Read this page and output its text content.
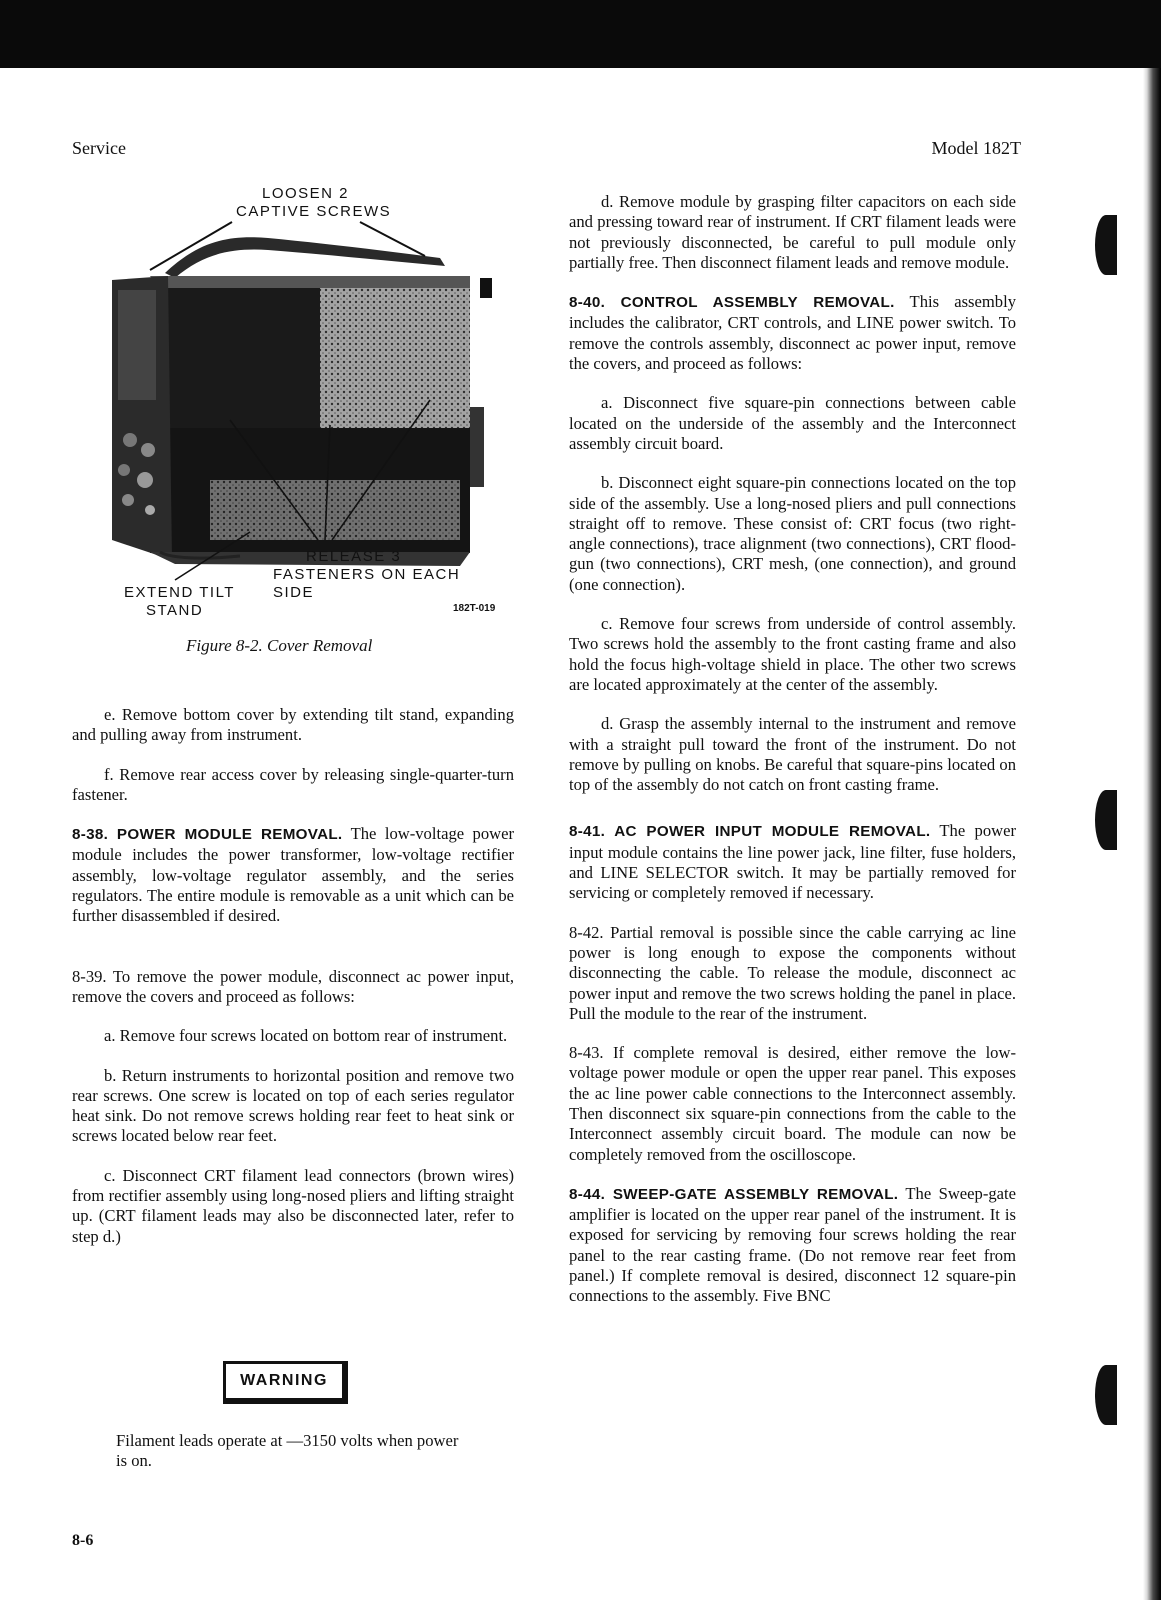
Service	Model 182T
LOOSEN 2
CAPTIVE SCREWS
RELEASE 3
FASTENERS ON EACH
SIDE
EXTEND TILT
STAND	182T-019
Figure 8-2. Cover Removal

e. Remove bottom cover by extending tilt stand, expanding and pulling away from instrument.

f. Remove rear access cover by releasing single-quarter-turn fastener.

8-38. POWER MODULE REMOVAL. The low-voltage power module includes the power transformer, low-voltage rectifier assembly, low-voltage regulator assembly, and the series regulators. The entire module is removable as a unit which can be further disassembled if desired.

8-39. To remove the power module, disconnect ac power input, remove the covers and proceed as follows:

a. Remove four screws located on bottom rear of instrument.

b. Return instruments to horizontal position and remove two rear screws. One screw is located on top of each series regulator heat sink. Do not remove screws holding rear feet to heat sink or screws located below rear feet.

c. Disconnect CRT filament lead connectors (brown wires) from rectifier assembly using long-nosed pliers and lifting straight up. (CRT filament leads may also be disconnected later, refer to step d.)

WARNING
Filament leads operate at —3150 volts when power is on.

d. Remove module by grasping filter capacitors on each side and pressing toward rear of instrument. If CRT filament leads were not previously disconnected, be careful to pull module only partially free. Then disconnect filament leads and remove module.

8-40. CONTROL ASSEMBLY REMOVAL. This assembly includes the calibrator, CRT controls, and LINE power switch. To remove the controls assembly, disconnect ac power input, remove the covers, and proceed as follows:

a. Disconnect five square-pin connections between cable located on the underside of the assembly and the Interconnect assembly circuit board.

b. Disconnect eight square-pin connections located on the top side of the assembly. Use a long-nosed pliers and pull connections straight off to remove. These consist of: CRT focus (two right-angle connections), trace alignment (two connections), CRT flood-gun (two connections), CRT mesh, (one connection), and ground (one connection).

c. Remove four screws from underside of control assembly. Two screws hold the assembly to the front casting frame and also hold the focus high-voltage shield in place. The other two screws are located approximately at the center of the assembly.

d. Grasp the assembly internal to the instrument and remove with a straight pull toward the front of the instrument. Do not remove by pulling on knobs. Be careful that square-pins located on top of the assembly do not catch on front casting frame.

8-41. AC POWER INPUT MODULE REMOVAL. The power input module contains the line power jack, line filter, fuse holders, and LINE SELECTOR switch. It may be partially removed for servicing or completely removed if necessary.

8-42. Partial removal is possible since the cable carrying ac line power is long enough to expose the components without disconnecting the cable. To release the module, disconnect ac power input and remove the two screws holding the panel in place. Pull the module to the rear of the instrument.

8-43. If complete removal is desired, either remove the low-voltage power module or open the upper rear panel. This exposes the ac line power cable connections to the Interconnect assembly. Then disconnect six square-pin connections from the cable to the Interconnect assembly circuit board. The module can now be completely removed from the oscilloscope.

8-44. SWEEP-GATE ASSEMBLY REMOVAL. The Sweep-gate amplifier is located on the upper rear panel of the instrument. It is exposed for servicing by removing four screws holding the rear panel to the rear casting frame. (Do not remove rear feet from panel.) If complete removal is desired, disconnect 12 square-pin connections to the assembly. Five BNC

8-6
